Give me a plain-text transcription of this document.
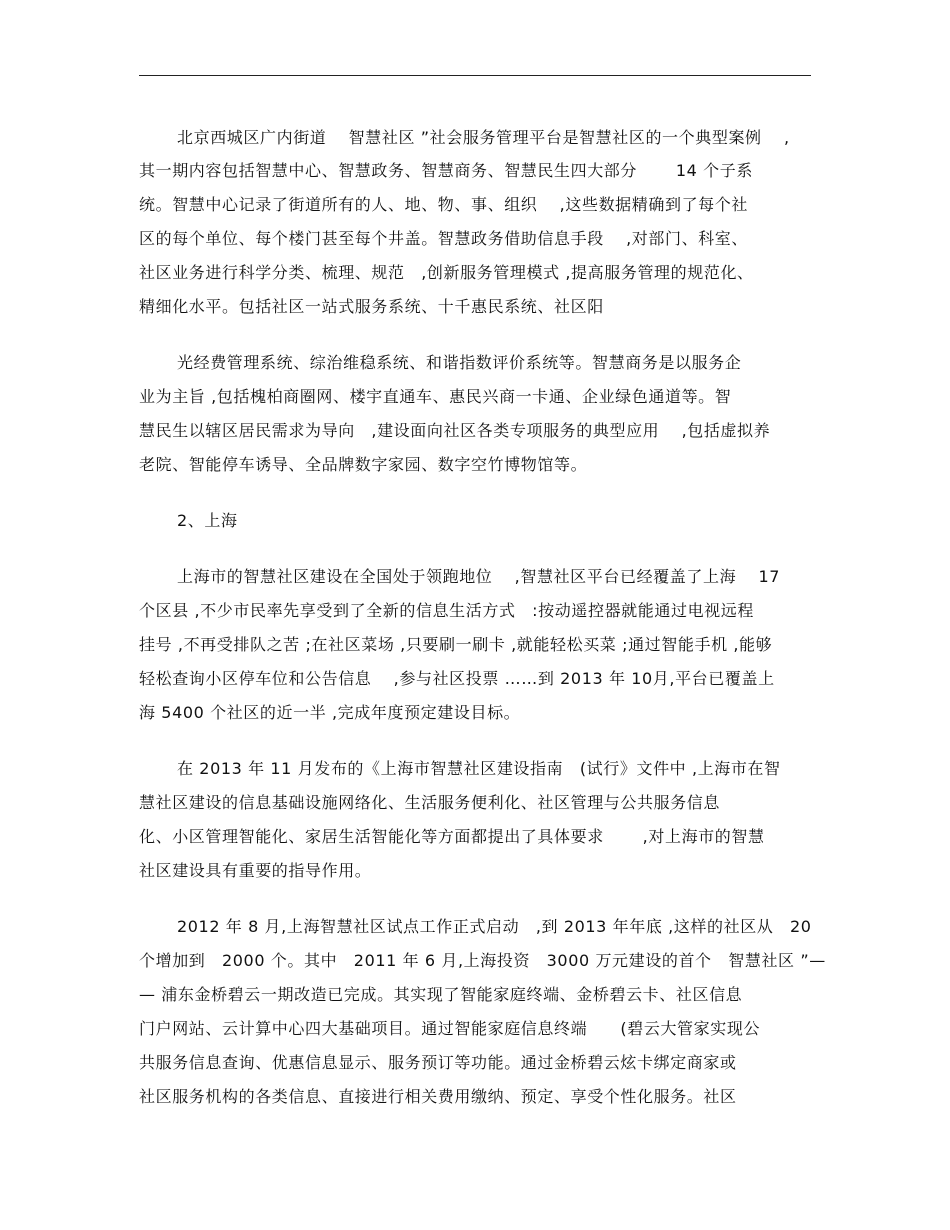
北京西城区广内街道　 智慧社区 ”社会服务管理平台是智慧社区的一个典型案例　 ,
其一期内容包括智慧中心、智慧政务、智慧商务、智慧民生四大部分　　 14 个子系
统。智慧中心记录了街道所有的人、地、物、事、组织　 ,这些数据精确到了每个社
区的每个单位、每个楼门甚至每个井盖。智慧政务借助信息手段　 ,对部门、科室、
社区业务进行科学分类、梳理、规范　,创新服务管理模式 ,提高服务管理的规范化、
精细化水平。包括社区一站式服务系统、十千惠民系统、社区阳
光经费管理系统、综治维稳系统、和谐指数评价系统等。智慧商务是以服务企
业为主旨 ,包括槐柏商圈网、楼宇直通车、惠民兴商一卡通、企业绿色通道等。智
慧民生以辖区居民需求为导向　,建设面向社区各类专项服务的典型应用　 ,包括虚拟养
老院、智能停车诱导、全品牌数字家园、数字空竹博物馆等。
2、上海
上海市的智慧社区建设在全国处于领跑地位　 ,智慧社区平台已经覆盖了上海　 17
个区县 ,不少市民率先享受到了全新的信息生活方式　:按动遥控器就能通过电视远程
挂号 ,不再受排队之苦 ;在社区菜场 ,只要刷一刷卡 ,就能轻松买菜 ;通过智能手机 ,能够
轻松查询小区停车位和公告信息　 ,参与社区投票 ……到 2013 年 10月,平台已覆盖上
海 5400 个社区的近一半 ,完成年度预定建设目标。
在 2013 年 11 月发布的《上海市智慧社区建设指南　(试行》文件中 ,上海市在智
慧社区建设的信息基础设施网络化、生活服务便利化、社区管理与公共服务信息
化、小区管理智能化、家居生活智能化等方面都提出了具体要求　　 ,对上海市的智慧
社区建设具有重要的指导作用。
2012 年 8 月,上海智慧社区试点工作正式启动　,到 2013 年年底 ,这样的社区从　20
个增加到　2000 个。其中　2011 年 6 月,上海投资　3000 万元建设的首个　智慧社区 ”—
— 浦东金桥碧云一期改造已完成。其实现了智能家庭终端、金桥碧云卡、社区信息
门户网站、云计算中心四大基础项目。通过智能家庭信息终端　　(碧云大管家实现公
共服务信息查询、优惠信息显示、服务预订等功能。通过金桥碧云炫卡绑定商家或
社区服务机构的各类信息、直接进行相关费用缴纳、预定、享受个性化服务。社区
